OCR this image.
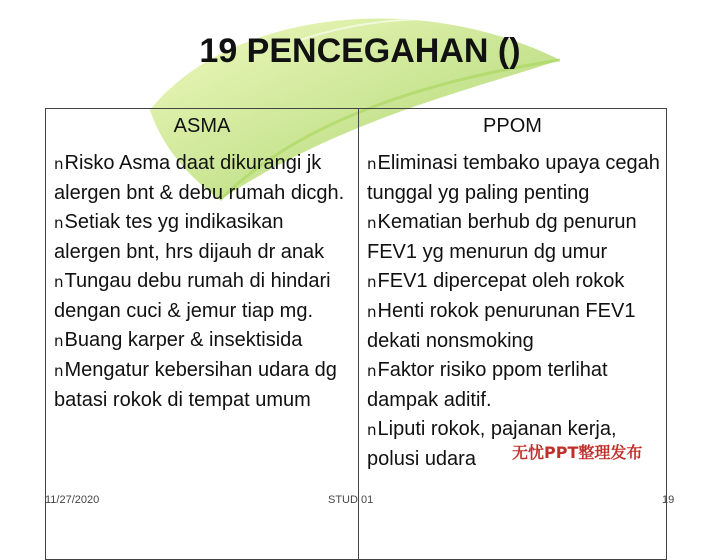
19 PENCEGAHAN ()
ASMA
nRisko Asma daat dikurangi jk alergen bnt & debu rumah dicgh.
nSetiak tes yg indikasikan alergen bnt, hrs dijauh dr anak
nTungau debu rumah di hindari dengan cuci & jemur tiap mg.
nBuang karper & insektisida
nMengatur kebersihan udara dg batasi rokok di tempat umum
PPOM
nEliminasi tembako upaya cegah tunggal yg paling penting
nKematian berhub dg penurun FEV1 yg menurun dg umur
nFEV1 dipercepat oleh rokok
nHenti rokok penurunan FEV1 dekati nonsmoking
nFaktor risiko ppom terlihat dampak aditif.
nLiputi rokok, pajanan kerja, polusi udara	无忧PPT整理发布
11/27/2020	STUD 01	19
